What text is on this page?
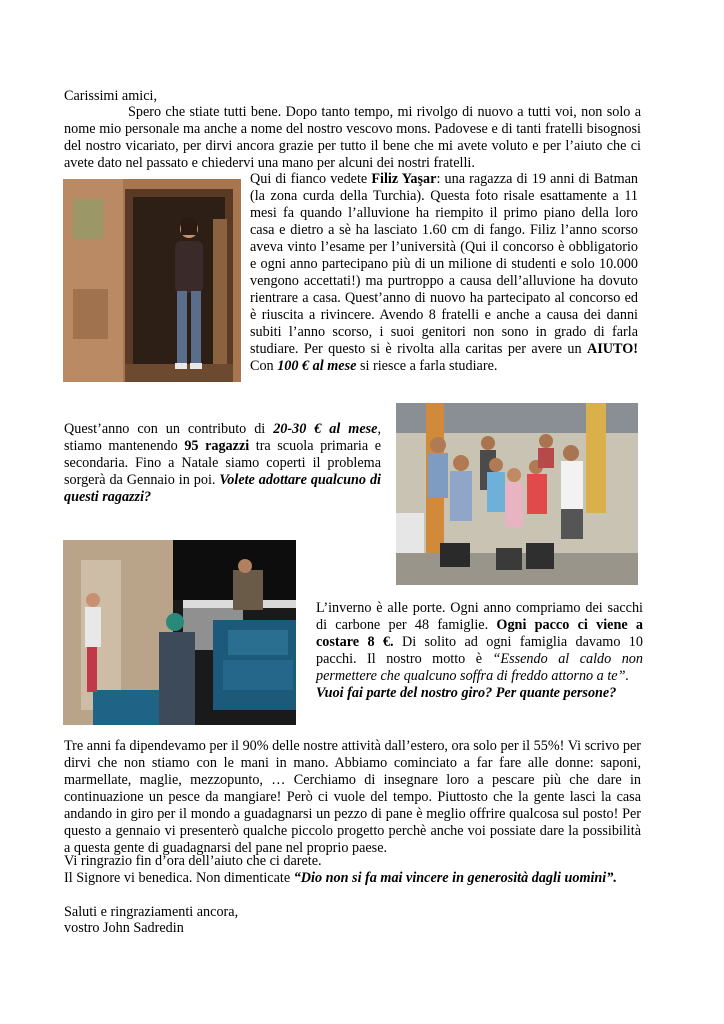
Carissimi amici,
Spero che stiate tutti bene. Dopo tanto tempo, mi rivolgo di nuovo a tutti voi, non solo a nome mio personale ma anche a nome del nostro vescovo mons. Padovese e di tanti fratelli bisognosi del nostro vicariato, per dirvi ancora grazie per tutto il bene che mi avete voluto e per l’aiuto che ci avete dato nel passato e chiedervi una mano per alcuni dei nostri fratelli.
Qui di fianco vedete Filiz Yaşar: una ragazza di 19 anni di Batman (la zona curda della Turchia). Questa foto risale esattamente a 11 mesi fa quando l’alluvione ha riempito il primo piano della loro casa e dietro a sè ha lasciato 1.60 cm di fango. Filiz l’anno scorso aveva vinto l’esame per l’università (Qui il concorso è obbligatorio e ogni anno partecipano più di un milione di studenti e solo 10.000 vengono accettati!) ma purtroppo a causa dell’alluvione ha dovuto rientrare a casa. Quest’anno di nuovo ha partecipato al concorso ed è riuscita a rivincere. Avendo 8 fratelli e anche a causa dei danni subiti l’anno scorso, i suoi genitori non sono in grado di farla studiare. Per questo si è rivolta alla caritas per avere un AIUTO! Con 100 € al mese si riesce a farla studiare.
Quest’anno con un contributo di 20-30 € al mese, stiamo mantenendo 95 ragazzi tra scuola primaria e secondaria. Fino a Natale siamo coperti il problema sorgerà da Gennaio in poi. Volete adottare qualcuno di questi ragazzi?
L’inverno è alle porte. Ogni anno compriamo dei sacchi di carbone per 48 famiglie. Ogni pacco ci viene a costare 8 €. Di solito ad ogni famiglia davamo 10 pacchi. Il nostro motto è “Essendo al caldo non permettere che qualcuno soffra di freddo attorno a te”.
Vuoi fai parte del nostro giro? Per quante persone?
Tre anni fa dipendevamo per il 90% delle nostre attività dall’estero, ora solo per il 55%! Vi scrivo per dirvi che non stiamo con le mani in mano. Abbiamo cominciato a far fare alle donne: saponi, marmellate, maglie, mezzopunto, … Cerchiamo di insegnare loro a pescare più che dare in continuazione un pesce da mangiare! Però ci vuole del tempo. Piuttosto che la gente lasci la casa andando in giro per il mondo a guadagnarsi un pezzo di pane è meglio offrire qualcosa sul posto! Per questo a gennaio vi presenterò qualche piccolo progetto perchè anche voi possiate dare la possibilità a questa gente di guadagnarsi del pane nel proprio paese.
Vi ringrazio fin d’ora dell’aiuto che ci darete.
Il Signore vi benedica. Non dimenticate “Dio non si fa mai vincere in generosità dagli uomini”.
Saluti e ringraziamenti ancora,
vostro John Sadredin
